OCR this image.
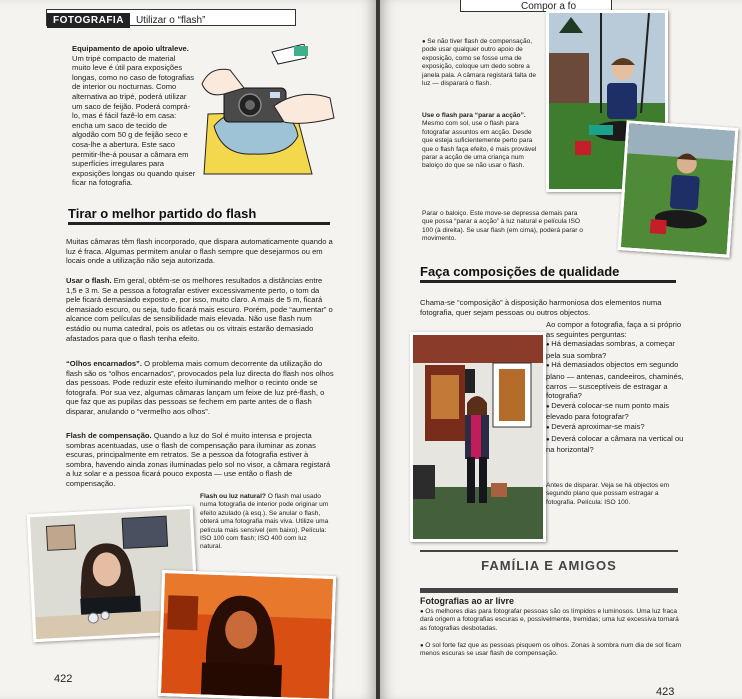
FOTOGRAFIA Utilizar o “flash”

Equipamento de apoio ultraleve. Um tripé compacto de material muito leve é útil para exposições longas, como no caso de fotografias de interior ou nocturnas. Como alternativa ao tripé, poderá utilizar um saco de feijão. Poderá comprá-lo, mas é fácil fazê-lo em casa: encha um saco de tecido de algodão com 50 g de feijão seco e cosa-lhe a abertura. Este saco permitir-lhe-á pousar a câmara em superfícies irregulares para exposições longas ou quando quiser ficar na fotografia.

Tirar o melhor partido do flash

Muitas câmaras têm flash incorporado, que dispara automaticamente quando a luz é fraca. Algumas permitem anular o flash sempre que desejarmos ou em locais onde a utilização não seja autorizada.

Usar o flash. Em geral, obtêm-se os melhores resultados a distâncias entre 1,5 e 3 m. Se a pessoa a fotografar estiver excessivamente perto, o tom da pele ficará demasiado exposto e, por isso, muito claro. A mais de 5 m, ficará demasiado escuro, ou seja, tudo ficará mais escuro. Porém, pode “aumentar” o alcance com películas de sensibilidade mais elevada. Não use flash num estádio ou numa catedral, pois os atletas ou os vitrais estarão demasiado afastados para que o flash tenha efeito.

“Olhos encarnados”. O problema mais comum decorrente da utilização do flash são os “olhos encarnados”, provocados pela luz directa do flash nos olhos das pessoas. Pode reduzir este efeito iluminando melhor o recinto onde se fotografa. Por sua vez, algumas câmaras lançam um feixe de luz pré-flash, o que faz que as pupilas das pessoas se fechem em parte antes de o flash disparar, anulando o “vermelho aos olhos”.

Flash de compensação. Quando a luz do Sol é muito intensa e projecta sombras acentuadas, use o flash de compensação para iluminar as zonas escuras, principalmente em retratos. Se a pessoa da fotografia estiver à sombra, havendo ainda zonas iluminadas pelo sol no visor, a câmara registará a luz solar e a pessoa ficará pouco exposta — use então o flash de compensação.

Flash ou luz natural? O flash mal usado numa fotografia de interior pode originar um efeito azulado (à esq.). Se anular o flash, obterá uma fotografia mais viva. Utilize uma película mais sensível (em baixo). Película: ISO 100 com flash; ISO 400 com luz natural.

422
Compor a fo

● Se não tiver flash de compensação, pode usar qualquer outro apoio de exposição, como se fosse uma de exposição, coloque um dedo sobre a janela pala. A câmara registará falta de luz — disparará o flash.

Use o flash para “parar a acção”. Mesmo com sol, use o flash para fotografar assuntos em acção. Desde que esteja suficientemente perto para que o flash faça efeito, é mais provável parar a acção de uma criança num baloiço do que se não usar o flash.

Parar o baloiço. Este move-se depressa demais para que possa “parar a acção” à luz natural e película ISO 100 (à direita). Se usar flash (em cima), poderá parar o movimento.

Faça composições de qualidade

Chama-se “composição” à disposição harmoniosa dos elementos numa fotografia, quer sejam pessoas ou outros objectos.

Ao compor a fotografia, faça a si próprio as seguintes perguntas:

● Há demasiadas sombras, a começar pela sua sombra?

● Há demasiados objectos em segundo plano — antenas, candeeiros, chaminés, carros — susceptíveis de estragar a fotografia?

● Deverá colocar-se num ponto mais elevado para fotografar?

● Deverá aproximar-se mais?

● Deverá colocar a câmara na vertical ou na horizontal?

Antes de disparar. Veja se há objectos em segundo plano que possam estragar a fotografia. Película: ISO 100.

FAMÍLIA E AMIGOS

Fotografias ao ar livre

● Os melhores dias para fotografar pessoas são os límpidos e luminosos. Uma luz fraca dará origem a fotografias escuras e, possivelmente, tremidas; uma luz excessiva tornará as fotografias desbotadas.

● O sol forte faz que as pessoas pisquem os olhos. Zonas à sombra num dia de sol ficam menos escuras se usar flash de compensação.

423
